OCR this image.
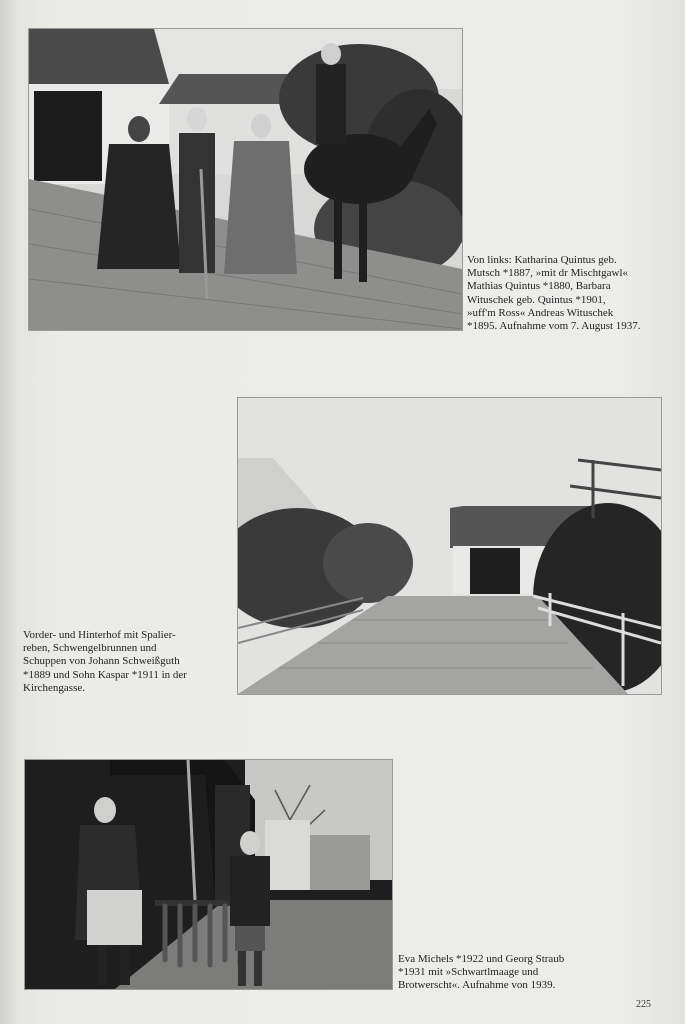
Von links: Katharina Quintus geb.
Mutsch *1887, »mit dr Mischtgawl«
Mathias Quintus *1880, Barbara
Wituschek geb. Quintus *1901,
»uff'm Ross« Andreas Wituschek
*1895. Aufnahme vom 7. August 1937.
Vorder- und Hinterhof mit Spalier-
reben, Schwengelbrunnen und
Schuppen von Johann Schweißguth
*1889 und Sohn Kaspar *1911 in der
Kirchengasse.
Eva Michels *1922 und Georg Straub
*1931 mit »Schwartlmaage und
Brotwerscht«. Aufnahme von 1939.
225
